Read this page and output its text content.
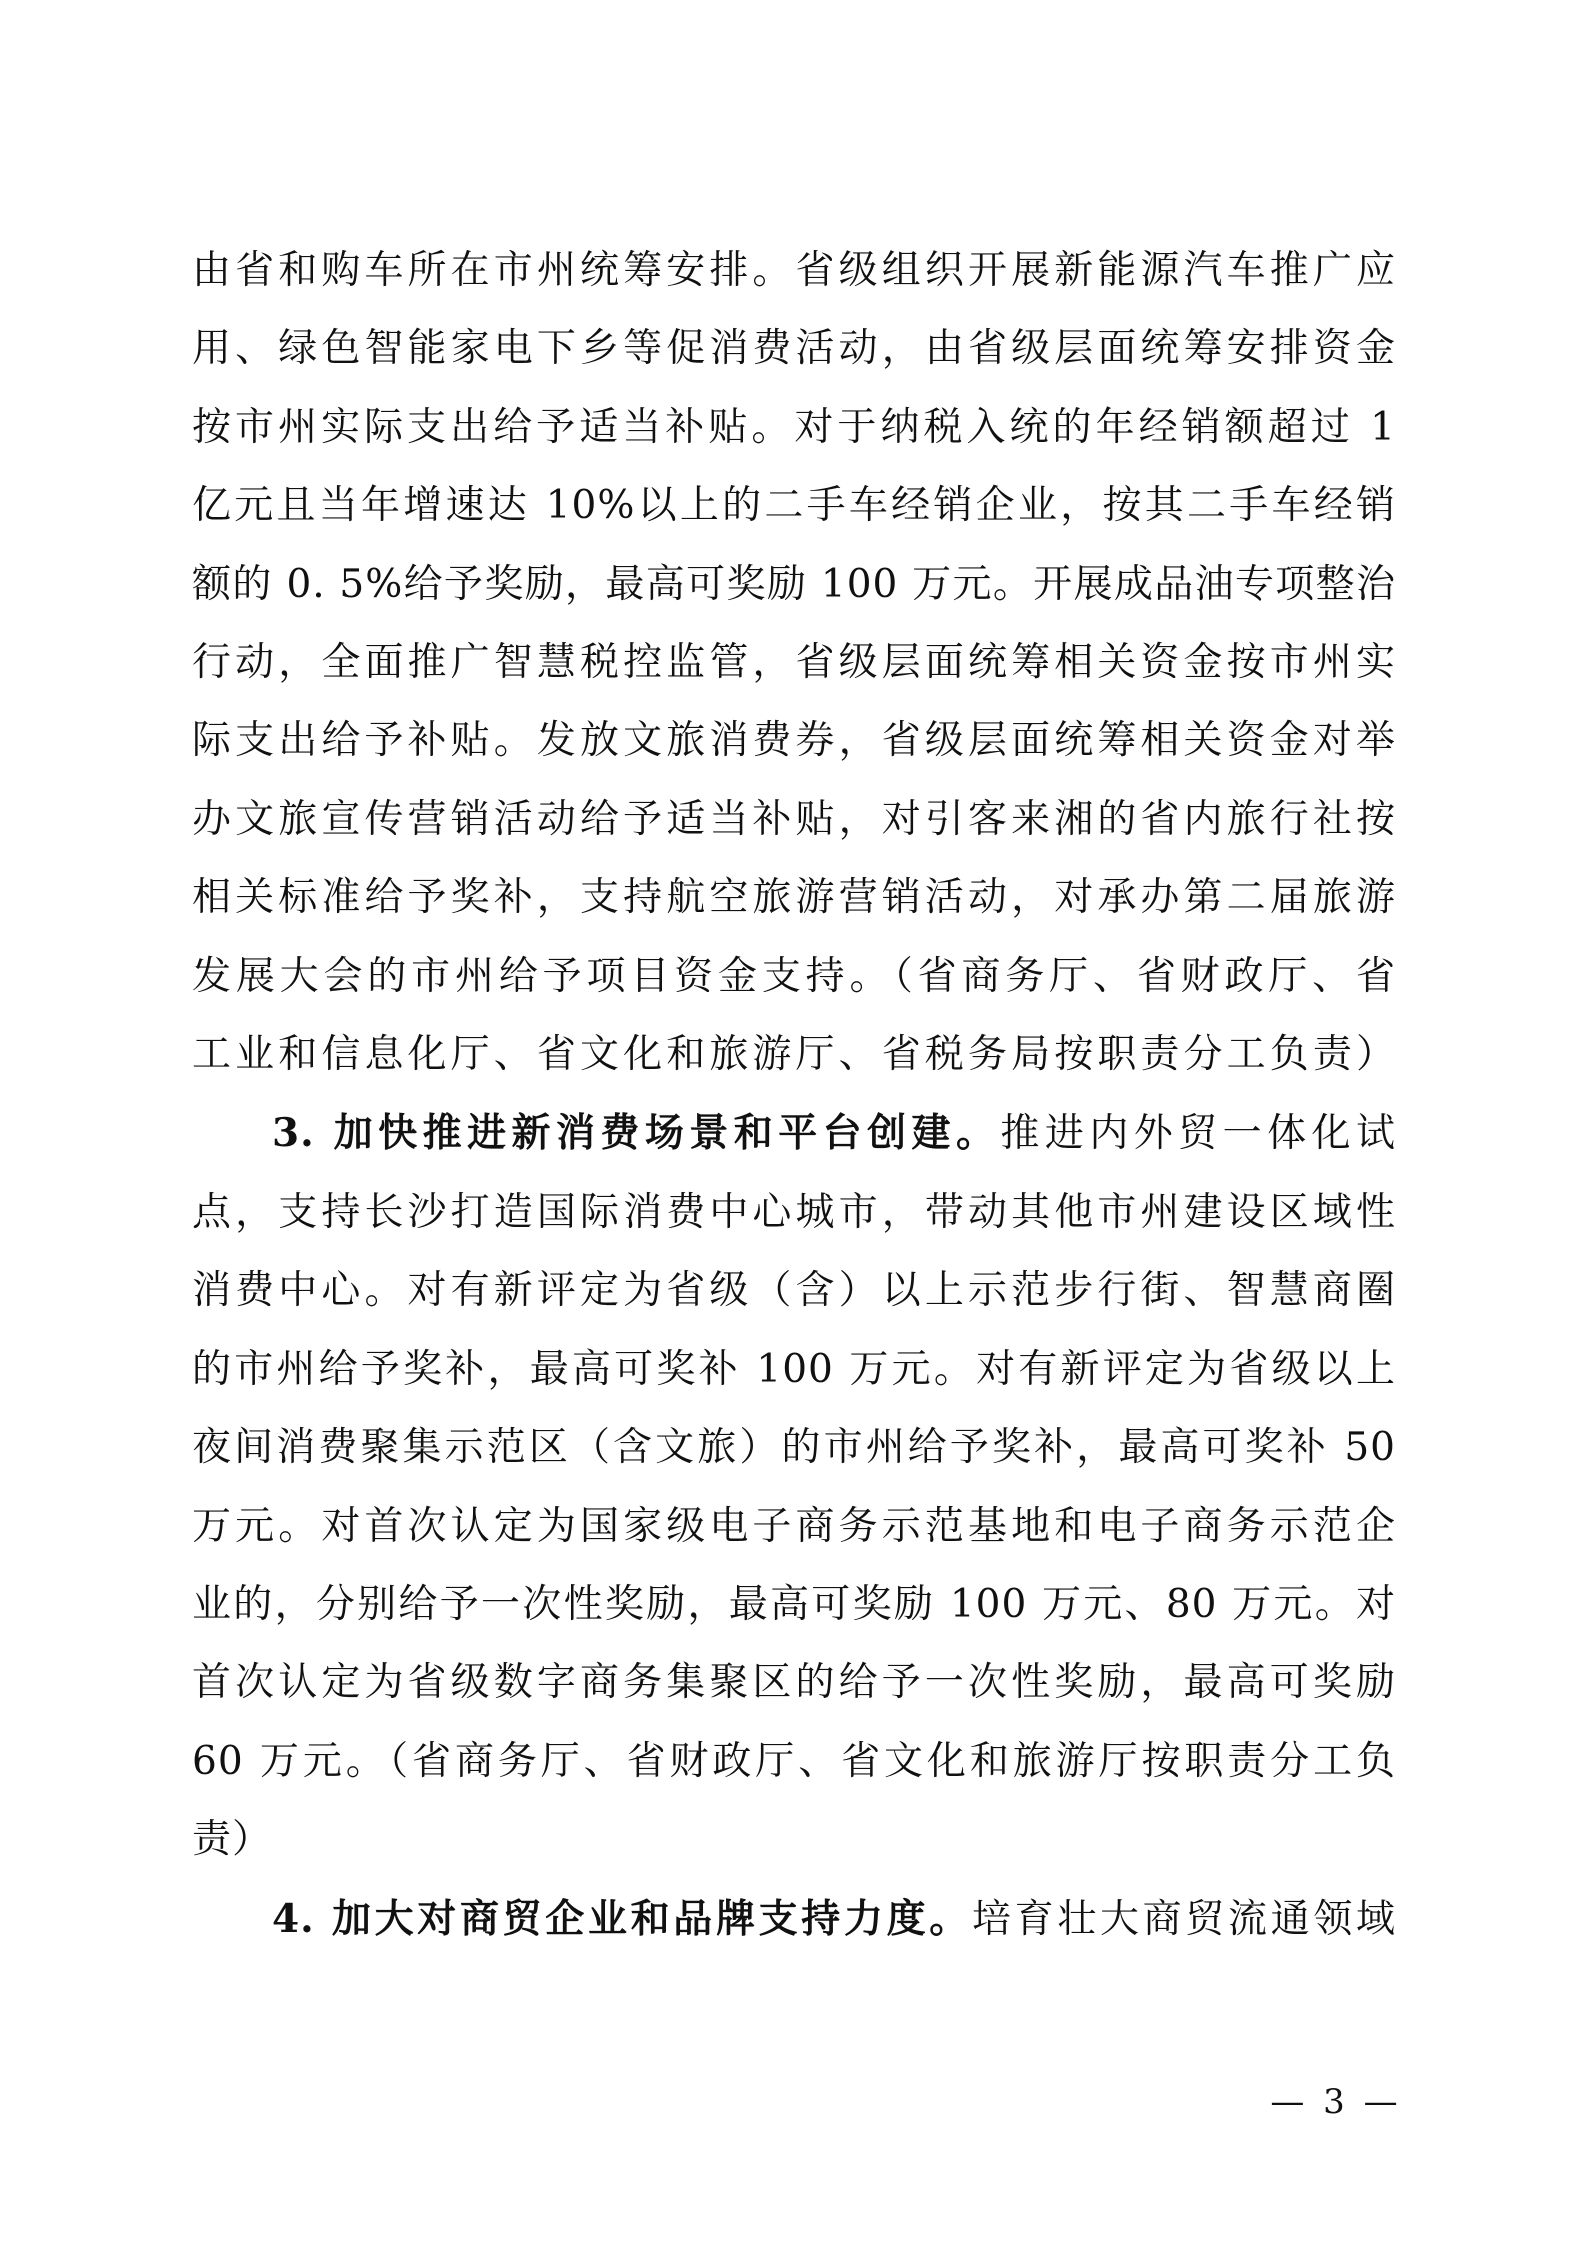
由省和购车所在市州统筹安排。省级组织开展新能源汽车推广应
用、绿色智能家电下乡等促消费活动，由省级层面统筹安排资金
按市州实际支出给予适当补贴。对于纳税入统的年经销额超过 1
亿元且当年增速达 10%以上的二手车经销企业，按其二手车经销
额的 0. 5%给予奖励，最高可奖励 100 万元。开展成品油专项整治
行动，全面推广智慧税控监管，省级层面统筹相关资金按市州实
际支出给予补贴。发放文旅消费券，省级层面统筹相关资金对举
办文旅宣传营销活动给予适当补贴，对引客来湘的省内旅行社按
相关标准给予奖补，支持航空旅游营销活动，对承办第二届旅游
发展大会的市州给予项目资金支持。（省商务厅、省财政厅、省
工业和信息化厅、省文化和旅游厅、省税务局按职责分工负责）
3. 加快推进新消费场景和平台创建。推进内外贸一体化试
点，支持长沙打造国际消费中心城市，带动其他市州建设区域性
消费中心。对有新评定为省级（含）以上示范步行街、智慧商圈
的市州给予奖补，最高可奖补 100 万元。对有新评定为省级以上
夜间消费聚集示范区（含文旅）的市州给予奖补，最高可奖补 50
万元。对首次认定为国家级电子商务示范基地和电子商务示范企
业的，分别给予一次性奖励，最高可奖励 100 万元、80 万元。对
首次认定为省级数字商务集聚区的给予一次性奖励，最高可奖励
60 万元。（省商务厅、省财政厅、省文化和旅游厅按职责分工负
责）
4. 加大对商贸企业和品牌支持力度。培育壮大商贸流通领域
— 3 —
